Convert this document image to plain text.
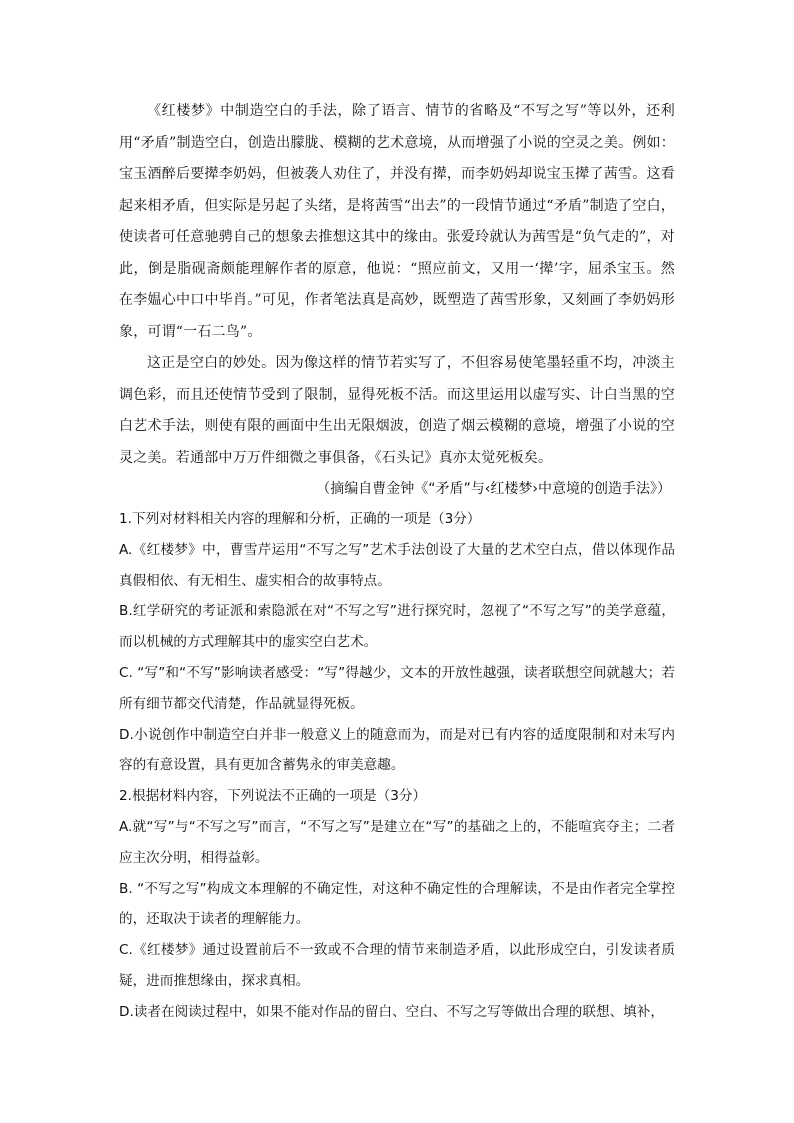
《红楼梦》中制造空白的手法，除了语言、情节的省略及“不写之写”等以外，还利用“矛盾”制造空白，创造出朦胧、模糊的艺术意境，从而增强了小说的空灵之美。例如：宝玉酒醉后要撵李奶妈，但被袭人劝住了，并没有撵，而李奶妈却说宝玉撵了茜雪。这看起来相矛盾，但实际是另起了头绪，是将茜雪“出去”的一段情节通过“矛盾”制造了空白，使读者可任意驰骋自己的想象去推想这其中的缘由。张爱玲就认为茜雪是“负气走的”，对此，倒是脂砚斋颇能理解作者的原意，他说：“照应前文，又用一‘撵’字，屈杀宝玉。然在李媪心中口中毕肖。”可见，作者笔法真是高妙，既塑造了茜雪形象，又刻画了李奶妈形象，可谓“一石二鸟”。

这正是空白的妙处。因为像这样的情节若实写了，不但容易使笔墨轻重不均，冲淡主调色彩，而且还使情节受到了限制，显得死板不活。而这里运用以虚写实、计白当黑的空白艺术手法，则使有限的画面中生出无限烟波，创造了烟云模糊的意境，增强了小说的空灵之美。若通部中万万件细微之事俱备，《石头记》真亦太觉死板矣。

（摘编自曹金钟《“矛盾”与‹红楼梦›中意境的创造手法》）

1.下列对材料相关内容的理解和分析，正确的一项是（3分）

A.《红楼梦》中，曹雪芹运用“不写之写”艺术手法创设了大量的艺术空白点，借以体现作品真假相依、有无相生、虚实相合的故事特点。

B.红学研究的考证派和索隐派在对“不写之写”进行探究时，忽视了“不写之写”的美学意蕴，而以机械的方式理解其中的虚实空白艺术。

C. “写”和“不写”影响读者感受：“写”得越少，文本的开放性越强，读者联想空间就越大；若所有细节都交代清楚，作品就显得死板。

D.小说创作中制造空白并非一般意义上的随意而为，而是对已有内容的适度限制和对未写内容的有意设置，具有更加含蓄隽永的审美意趣。

2.根据材料内容，下列说法不正确的一项是（3分）

A.就“写”与“不写之写”而言，“不写之写”是建立在“写”的基础之上的，不能喧宾夺主；二者应主次分明，相得益彰。

B. “不写之写”构成文本理解的不确定性，对这种不确定性的合理解读，不是由作者完全掌控的，还取决于读者的理解能力。

C.《红楼梦》通过设置前后不一致或不合理的情节来制造矛盾，以此形成空白，引发读者质疑，进而推想缘由，探求真相。

D.读者在阅读过程中，如果不能对作品的留白、空白、不写之写等做出合理的联想、填补，
